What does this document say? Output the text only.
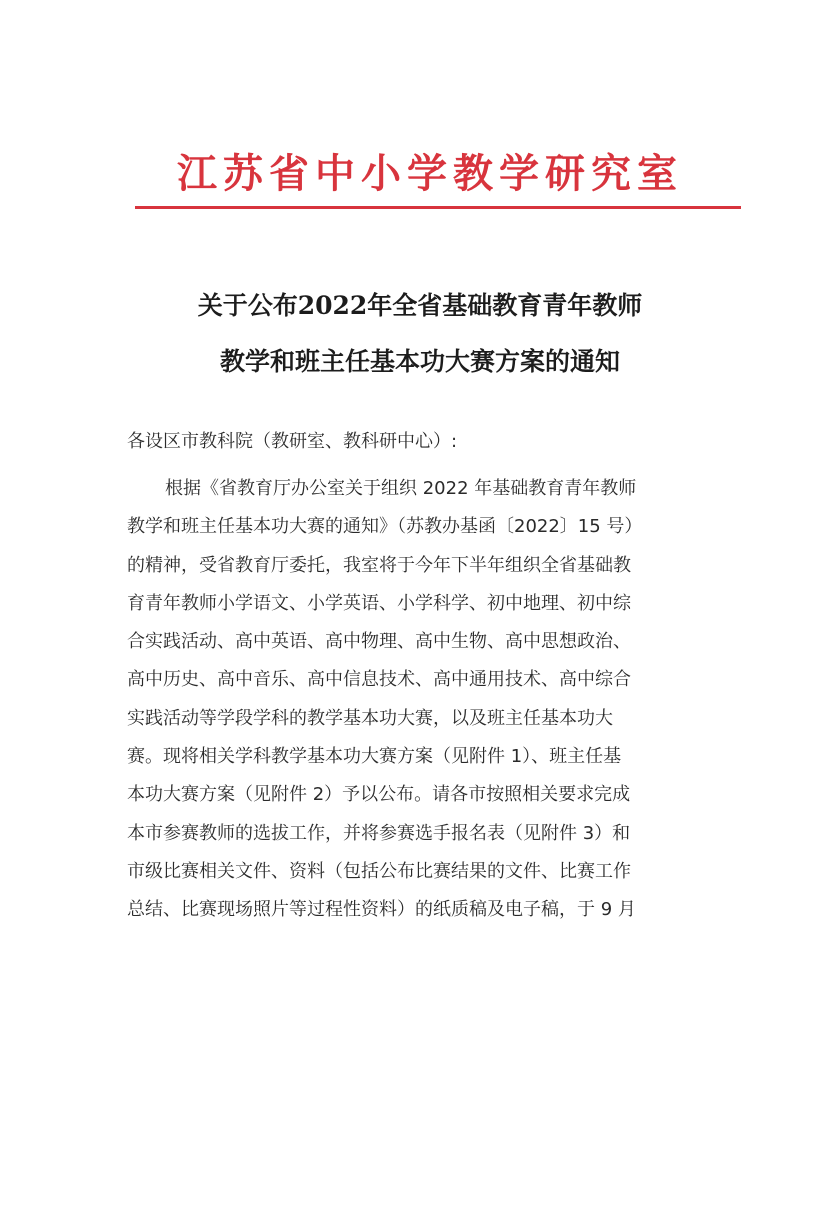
江苏省中小学教学研究室
关于公布2022年全省基础教育青年教师
教学和班主任基本功大赛方案的通知
各设区市教科院（教研室、教科研中心）:
根据《省教育厅办公室关于组织 2022 年基础教育青年教师
教学和班主任基本功大赛的通知》（苏教办基函〔2022〕15 号）
的精神，受省教育厅委托，我室将于今年下半年组织全省基础教
育青年教师小学语文、小学英语、小学科学、初中地理、初中综
合实践活动、高中英语、高中物理、高中生物、高中思想政治、
高中历史、高中音乐、高中信息技术、高中通用技术、高中综合
实践活动等学段学科的教学基本功大赛，以及班主任基本功大
赛。现将相关学科教学基本功大赛方案（见附件 1）、班主任基
本功大赛方案（见附件 2）予以公布。请各市按照相关要求完成
本市参赛教师的选拔工作，并将参赛选手报名表（见附件 3）和
市级比赛相关文件、资料（包括公布比赛结果的文件、比赛工作
总结、比赛现场照片等过程性资料）的纸质稿及电子稿，于 9 月
